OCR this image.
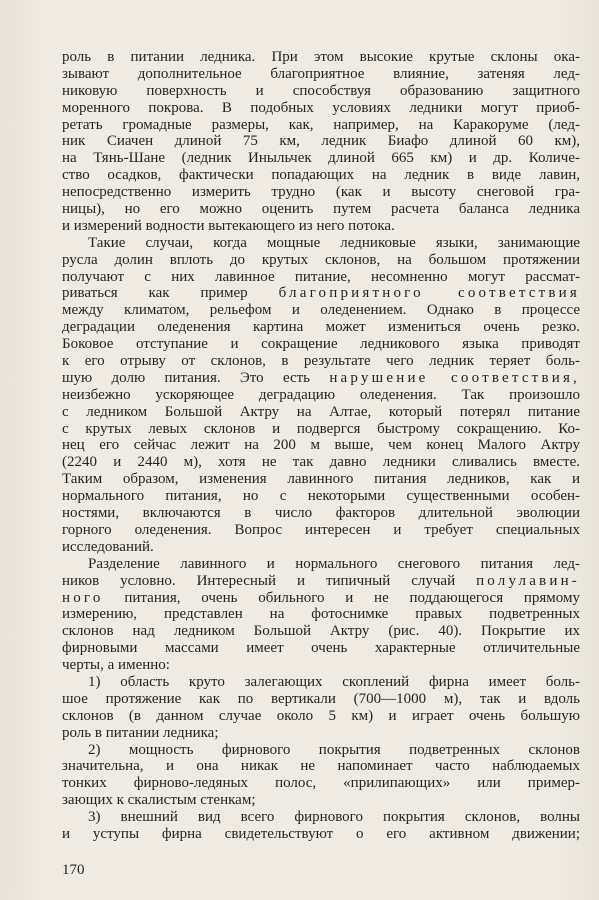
роль в питании ледника. При этом высокие крутые склоны ока-
зывают дополнительное благоприятное влияние, затеняя лед-
никовую поверхность и способствуя образованию защитного
моренного покрова. В подобных условиях ледники могут приоб-
ретать громадные размеры, как, например, на Каракоруме (лед-
ник Сиачен длиной 75 км, ледник Биафо длиной 60 км),
на Тянь-Шане (ледник Иныльчек длиной 665 км) и др. Количе-
ство осадков, фактически попадающих на ледник в виде лавин,
непосредственно измерить трудно (как и высоту снеговой гра-
ницы), но его можно оценить путем расчета баланса ледника
и измерений водности вытекающего из него потока.
Такие случаи, когда мощные ледниковые языки, занимающие
русла долин вплоть до крутых склонов, на большом протяжении
получают с них лавинное питание, несомненно могут рассмат-
риваться как пример благоприятного соответствия
между климатом, рельефом и оледенением. Однако в процессе
деградации оледенения картина может измениться очень резко.
Боковое отступание и сокращение ледникового языка приводят
к его отрыву от склонов, в результате чего ледник теряет боль-
шую долю питания. Это есть нарушение соответствия,
неизбежно ускоряющее деградацию оледенения. Так произошло
с ледником Большой Актру на Алтае, который потерял питание
с крутых левых склонов и подвергся быстрому сокращению. Ко-
нец его сейчас лежит на 200 м выше, чем конец Малого Актру
(2240 и 2440 м), хотя не так давно ледники сливались вместе.
Таким образом, изменения лавинного питания ледников, как и
нормального питания, но с некоторыми существенными особен-
ностями, включаются в число факторов длительной эволюции
горного оледенения. Вопрос интересен и требует специальных
исследований.
Разделение лавинного и нормального снегового питания лед-
ников условно. Интересный и типичный случай полулавин-
ного питания, очень обильного и не поддающегося прямому
измерению, представлен на фотоснимке правых подветренных
склонов над ледником Большой Актру (рис. 40). Покрытие их
фирновыми массами имеет очень характерные отличительные
черты, а именно:
1) область круто залегающих скоплений фирна имеет боль-
шое протяжение как по вертикали (700—1000 м), так и вдоль
склонов (в данном случае около 5 км) и играет очень большую
роль в питании ледника;
2) мощность фирнового покрытия подветренных склонов
значительна, и она никак не напоминает часто наблюдаемых
тонких фирново-ледяных полос, «прилипающих» или пример-
зающих к скалистым стенкам;
3) внешний вид всего фирнового покрытия склонов, волны
и уступы фирна свидетельствуют о его активном движении;
170
